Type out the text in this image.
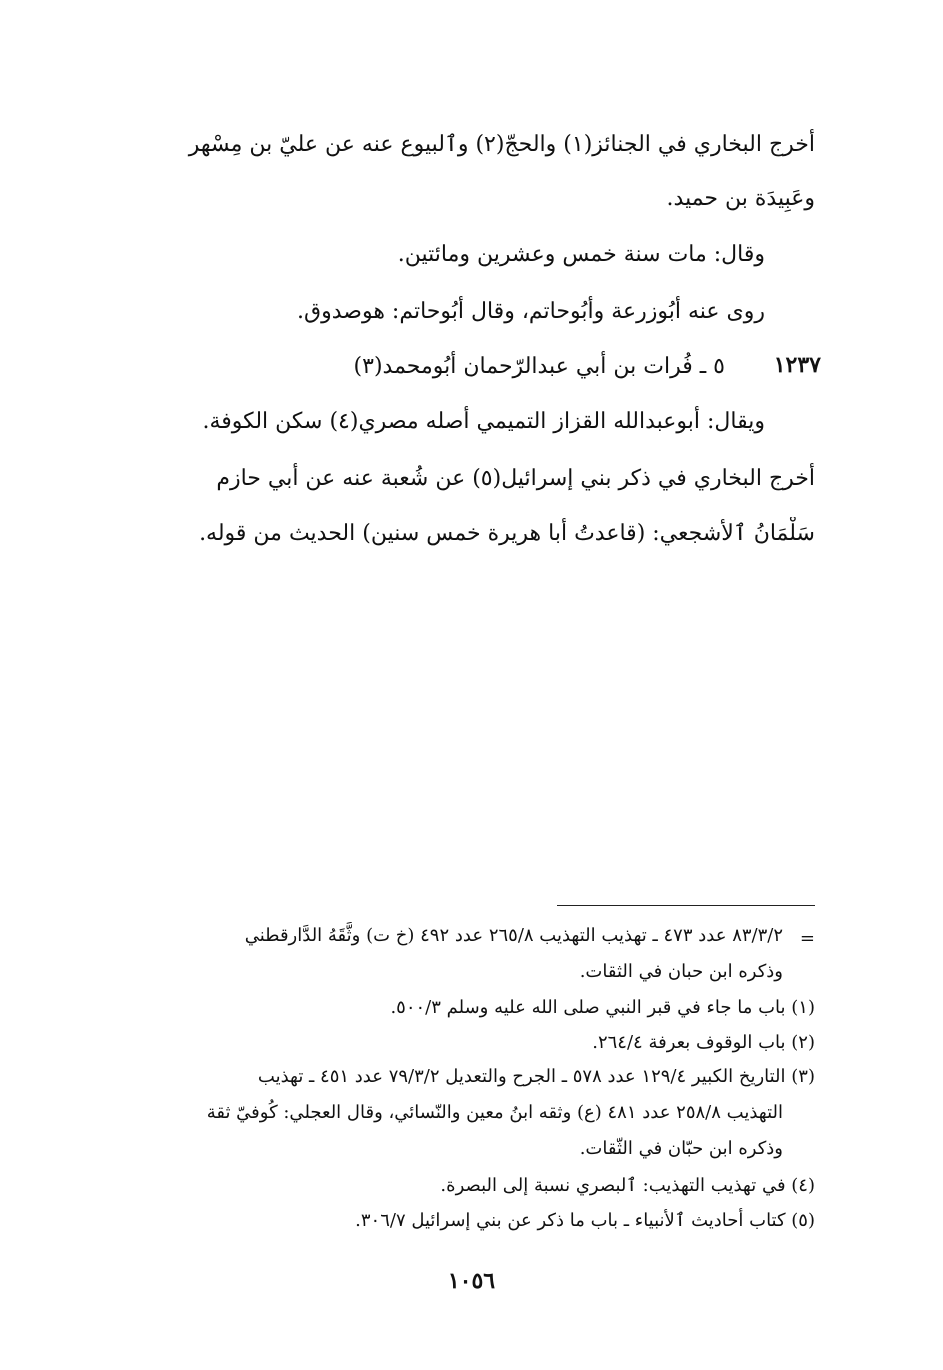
أخرج البخاري في الجنائز(١) والحجّ(٢) وٱلبيوع عنه عن عليّ بن مِسْهر
وعَبِيدَة بن حميد.
وقال: مات سنة خمس وعشرين ومائتين.
روى عنه أبُوزرعة وأبُوحاتم، وقال أبُوحاتم: هوصدوق.
١٢٣٧
٥ ـ فُرات بن أبي عبدالرّحمان أبُومحمد(٣)
ويقال: أبوعبدالله القزاز التميمي أصله مصري(٤) سكن الكوفة.
أخرج البخاري في ذكر بني إسرائيل(٥) عن شُعبة عنه عن أبي حازم
سَلْمَانُ ٱلأشجعي: (قاعدتُ أبا هريرة خمس سنين) الحديث من قوله.
=
٨٣/٣/٢ عدد ٤٧٣ ـ تهذيب التهذيب ٢٦٥/٨ عدد ٤٩٢ (خ ت) وثَّقَهُ الدَّارقطني
وذكره ابن حبان في الثقات.
(١) باب ما جاء في قبر النبي صلى الله عليه وسلم ٥٠٠/٣.
(٢) باب الوقوف بعرفة ٢٦٤/٤.
(٣) التاريخ الكبير ١٢٩/٤ عدد ٥٧٨ ـ الجرح والتعديل ٧٩/٣/٢ عدد ٤٥١ ـ تهذيب
التهذيب ٢٥٨/٨ عدد ٤٨١ (ع) وثقه ابنُ معين والنّسائي، وقال العجلي: كُوفيّ ثقة
وذكره ابن حبّان في الثّقات.
(٤) في تهذيب التهذيب: ٱلبصري نسبة إلى البصرة.
(٥) كتاب أحاديث ٱلأنبياء ـ باب ما ذكر عن بني إسرائيل ٣٠٦/٧.
١٠٥٦
